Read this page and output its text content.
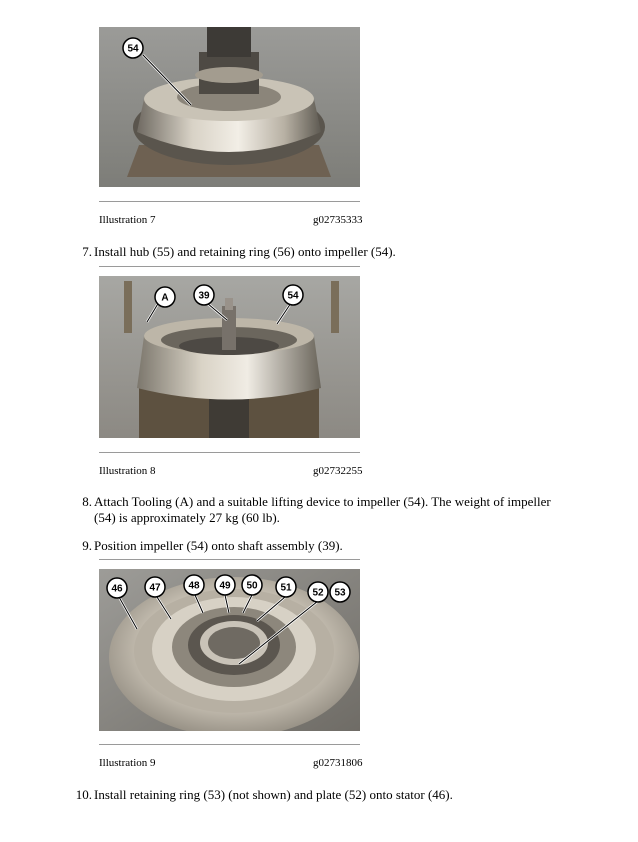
54
Illustration 7	g02735333
7. Install hub (55) and retaining ring (56) onto impeller (54).
A	39	54
Illustration 8	g02732255
8. Attach Tooling (A) and a suitable lifting device to impeller (54). The weight of impeller
(54) is approximately 27 kg (60 lb).
9. Position impeller (54) onto shaft assembly (39).
46	47	48 49 50 51 52 53
Illustration 9	g02731806
10. Install retaining ring (53) (not shown) and plate (52) onto stator (46).
